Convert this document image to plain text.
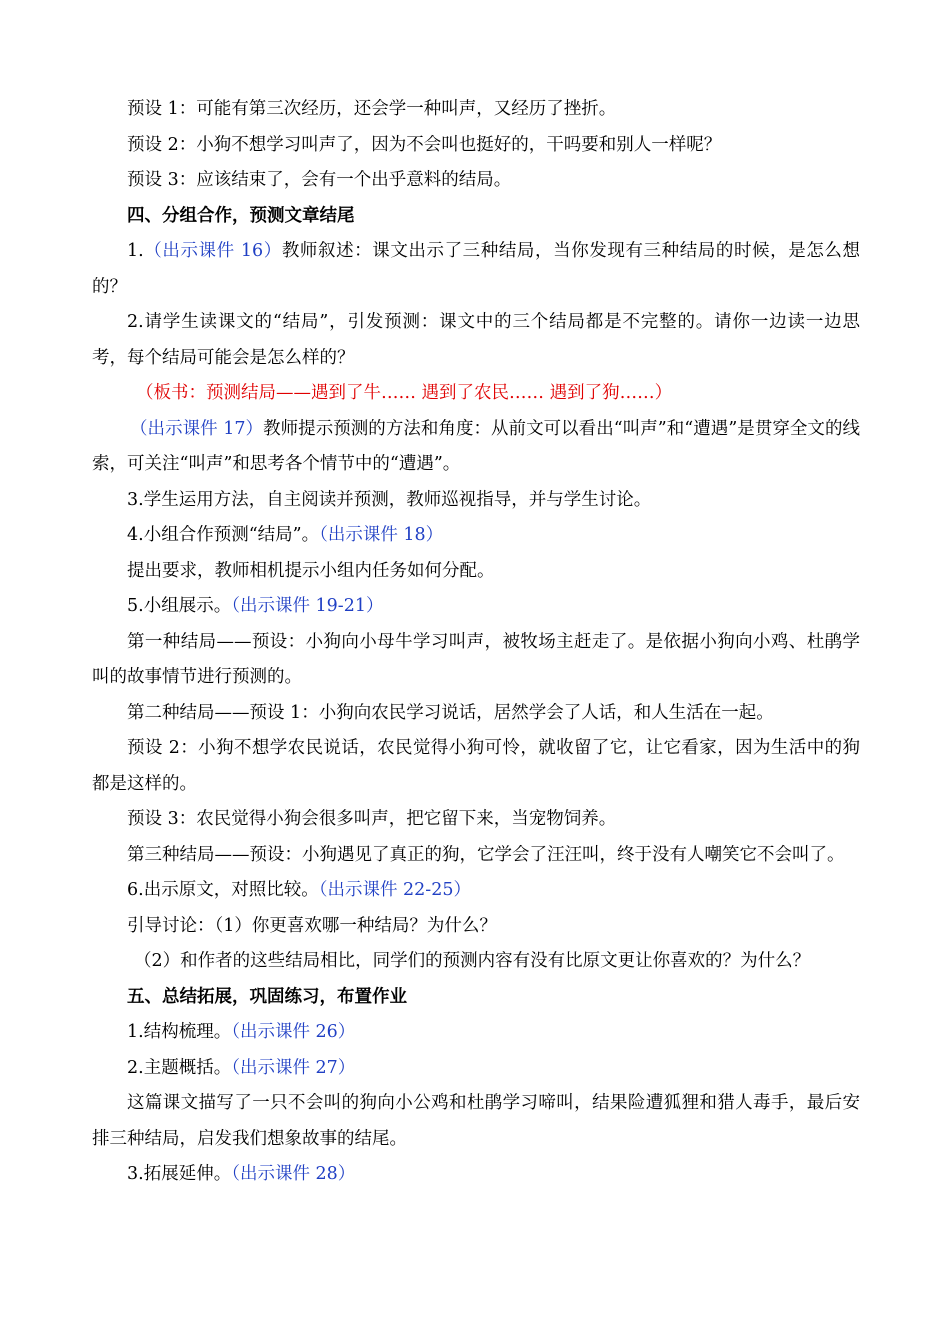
预设 1：可能有第三次经历，还会学一种叫声，又经历了挫折。

预设 2：小狗不想学习叫声了，因为不会叫也挺好的，干吗要和别人一样呢？

预设 3：应该结束了，会有一个出乎意料的结局。

四、分组合作，预测文章结尾

1.（出示课件 16）教师叙述：课文出示了三种结局，当你发现有三种结局的时候，是怎么想的？

2.请学生读课文的“结局”，引发预测：课文中的三个结局都是不完整的。请你一边读一边思考，每个结局可能会是怎么样的？

（板书：预测结局——遇到了牛…… 遇到了农民…… 遇到了狗……）

（出示课件 17）教师提示预测的方法和角度：从前文可以看出“叫声”和“遭遇”是贯穿全文的线索，可关注“叫声”和思考各个情节中的“遭遇”。

3.学生运用方法，自主阅读并预测，教师巡视指导，并与学生讨论。

4.小组合作预测“结局”。（出示课件 18）

提出要求，教师相机提示小组内任务如何分配。

5.小组展示。（出示课件 19-21）

第一种结局——预设：小狗向小母牛学习叫声，被牧场主赶走了。是依据小狗向小鸡、杜鹃学叫的故事情节进行预测的。

第二种结局——预设 1：小狗向农民学习说话，居然学会了人话，和人生活在一起。

预设 2：小狗不想学农民说话，农民觉得小狗可怜，就收留了它，让它看家，因为生活中的狗都是这样的。

预设 3：农民觉得小狗会很多叫声，把它留下来，当宠物饲养。

第三种结局——预设：小狗遇见了真正的狗，它学会了汪汪叫，终于没有人嘲笑它不会叫了。

6.出示原文，对照比较。（出示课件 22-25）

引导讨论：（1）你更喜欢哪一种结局？为什么？

（2）和作者的这些结局相比，同学们的预测内容有没有比原文更让你喜欢的？为什么？

五、总结拓展，巩固练习，布置作业

1.结构梳理。（出示课件 26）

2.主题概括。（出示课件 27）

这篇课文描写了一只不会叫的狗向小公鸡和杜鹃学习啼叫，结果险遭狐狸和猎人毒手，最后安排三种结局，启发我们想象故事的结尾。

3.拓展延伸。（出示课件 28）
